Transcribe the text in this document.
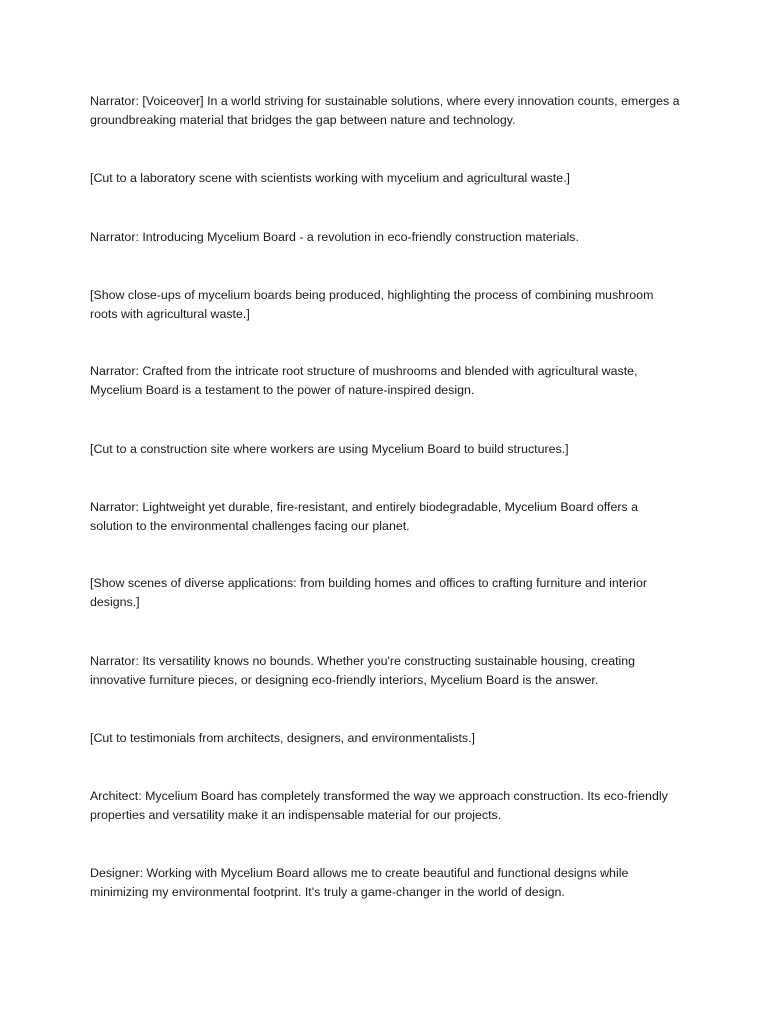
Narrator: [Voiceover] In a world striving for sustainable solutions, where every innovation counts, emerges a groundbreaking material that bridges the gap between nature and technology.

[Cut to a laboratory scene with scientists working with mycelium and agricultural waste.]

Narrator: Introducing Mycelium Board - a revolution in eco-friendly construction materials.

[Show close-ups of mycelium boards being produced, highlighting the process of combining mushroom roots with agricultural waste.]

Narrator: Crafted from the intricate root structure of mushrooms and blended with agricultural waste, Mycelium Board is a testament to the power of nature-inspired design.

[Cut to a construction site where workers are using Mycelium Board to build structures.]

Narrator: Lightweight yet durable, fire-resistant, and entirely biodegradable, Mycelium Board offers a solution to the environmental challenges facing our planet.

[Show scenes of diverse applications: from building homes and offices to crafting furniture and interior designs.]

Narrator: Its versatility knows no bounds. Whether you're constructing sustainable housing, creating innovative furniture pieces, or designing eco-friendly interiors, Mycelium Board is the answer.

[Cut to testimonials from architects, designers, and environmentalists.]

Architect: Mycelium Board has completely transformed the way we approach construction. Its eco-friendly properties and versatility make it an indispensable material for our projects.

Designer: Working with Mycelium Board allows me to create beautiful and functional designs while minimizing my environmental footprint. It's truly a game-changer in the world of design.
